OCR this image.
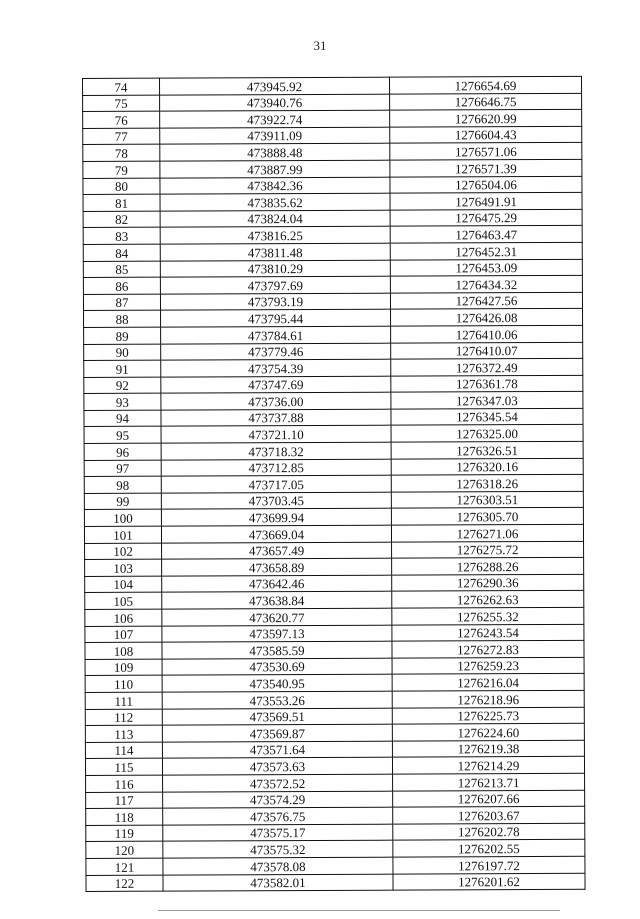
31
74	473945.92	1276654.69
75	473940.76	1276646.75
76	473922.74	1276620.99
77	473911.09	1276604.43
78	473888.48	1276571.06
79	473887.99	1276571.39
80	473842.36	1276504.06
81	473835.62	1276491.91
82	473824.04	1276475.29
83	473816.25	1276463.47
84	473811.48	1276452.31
85	473810.29	1276453.09
86	473797.69	1276434.32
87	473793.19	1276427.56
88	473795.44	1276426.08
89	473784.61	1276410.06
90	473779.46	1276410.07
91	473754.39	1276372.49
92	473747.69	1276361.78
93	473736.00	1276347.03
94	473737.88	1276345.54
95	473721.10	1276325.00
96	473718.32	1276326.51
97	473712.85	1276320.16
98	473717.05	1276318.26
99	473703.45	1276303.51
100	473699.94	1276305.70
101	473669.04	1276271.06
102	473657.49	1276275.72
103	473658.89	1276288.26
104	473642.46	1276290.36
105	473638.84	1276262.63
106	473620.77	1276255.32
107	473597.13	1276243.54
108	473585.59	1276272.83
109	473530.69	1276259.23
110	473540.95	1276216.04
111	473553.26	1276218.96
112	473569.51	1276225.73
113	473569.87	1276224.60
114	473571.64	1276219.38
115	473573.63	1276214.29
116	473572.52	1276213.71
117	473574.29	1276207.66
118	473576.75	1276203.67
119	473575.17	1276202.78
120	473575.32	1276202.55
121	473578.08	1276197.72
122	473582.01	1276201.62
